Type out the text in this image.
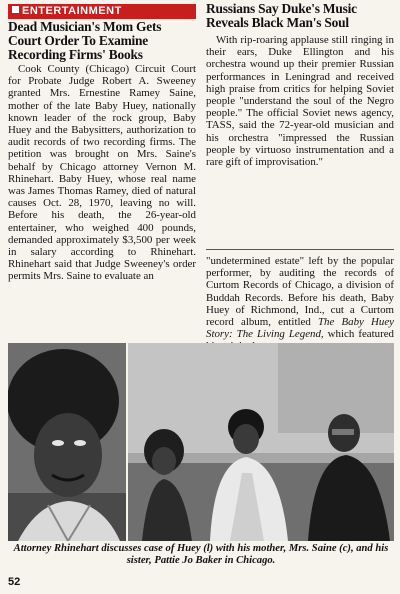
ENTERTAINMENT
Dead Musician's Mom Gets Court Order To Examine Recording Firms' Books
Cook County (Chicago) Circuit Court for Probate Judge Robert A. Sweeney granted Mrs. Ernestine Ramey Saine, mother of the late Baby Huey, nationally known leader of the rock group, Baby Huey and the Babysitters, authorization to audit records of two recording firms. The petition was brought on Mrs. Saine's behalf by Chicago attorney Vernon M. Rhinehart. Baby Huey, whose real name was James Thomas Ramey, died of natural causes Oct. 28, 1970, leaving no will. Before his death, the 26-year-old entertainer, who weighed 400 pounds, demanded approximately $3,500 per week in salary according to Rhinehart. Rhinehart said that Judge Sweeney's order permits Mrs. Saine to evaluate an
Russians Say Duke's Music Reveals Black Man's Soul
With rip-roaring applause still ringing in their ears, Duke Ellington and his orchestra wound up their premier Russian performances in Leningrad and received high praise from critics for helping Soviet people "understand the soul of the Negro people." The official Soviet news agency, TASS, said the 72-year-old musician and his orchestra "impressed the Russian people by virtuoso instrumentation and a rare gift of improvisation."
"undetermined estate" left by the popular performer, by auditing the records of Curtom Records of Chicago, a division of Buddah Records. Before his death, Baby Huey of Richmond, Ind., cut a Curtom record album, entitled The Baby Huey Story: The Living Legend, which featured
Attorney Rhinehart discusses case of Huey (l) with his mother, Mrs. Saine (c), and his sister, Pattie Jo Baker in Chicago.
52
